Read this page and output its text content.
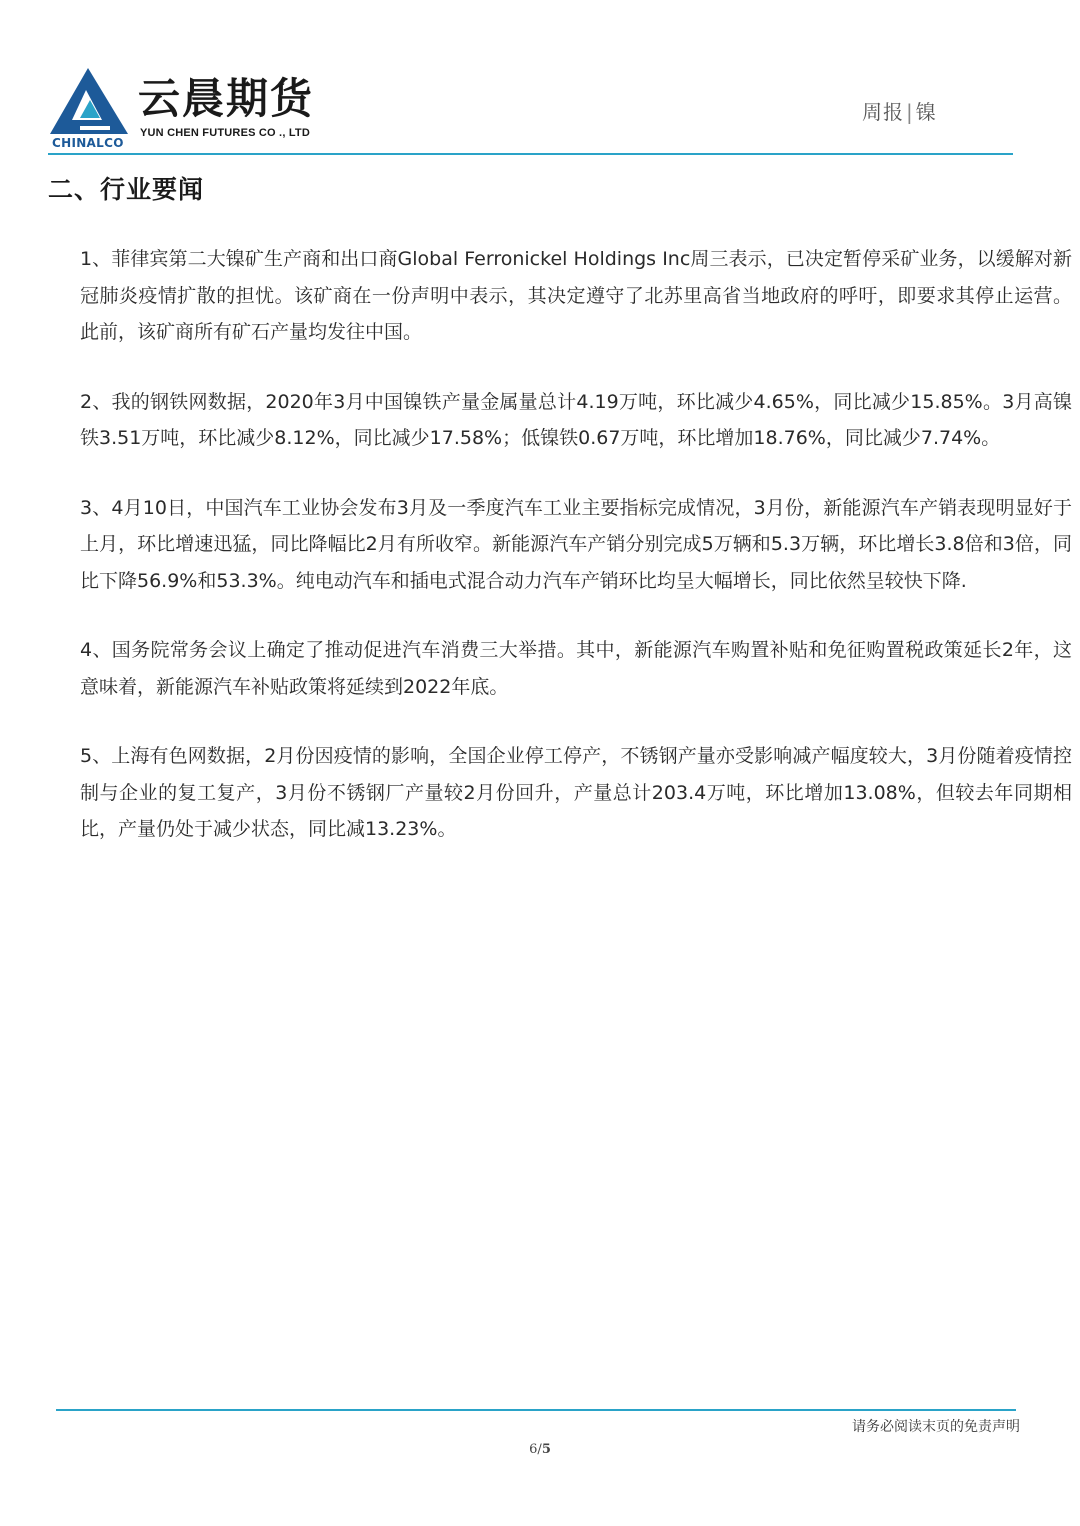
CHINALCO
云晨期货
YUN CHEN FUTURES CO ., LTD
周报 | 镍
二、行业要闻

1、菲律宾第二大镍矿生产商和出口商Global Ferronickel Holdings Inc周三表示，已决定暂停采矿业务，以缓解对新冠肺炎疫情扩散的担忧。该矿商在一份声明中表示，其决定遵守了北苏里高省当地政府的呼吁，即要求其停止运营。 此前，该矿商所有矿石产量均发往中国。

2、我的钢铁网数据，2020年3月中国镍铁产量金属量总计4.19万吨，环比减少4.65%，同比减少15.85%。3月高镍铁3.51万吨，环比减少8.12%，同比减少17.58%；低镍铁0.67万吨，环比增加18.76%，同比减少7.74%。

3、4月10日，中国汽车工业协会发布3月及一季度汽车工业主要指标完成情况，3月份，新能源汽车产销表现明显好于上月，环比增速迅猛，同比降幅比2月有所收窄。新能源汽车产销分别完成5万辆和5.3万辆，环比增长3.8倍和3倍，同比下降56.9%和53.3%。纯电动汽车和插电式混合动力汽车产销环比均呈大幅增长，同比依然呈较快下降.

4、国务院常务会议上确定了推动促进汽车消费三大举措。其中，新能源汽车购置补贴和免征购置税政策延长2年，这意味着，新能源汽车补贴政策将延续到2022年底。

5、上海有色网数据，2月份因疫情的影响，全国企业停工停产，不锈钢产量亦受影响减产幅度较大，3月份随着疫情控制与企业的复工复产，3月份不锈钢厂产量较2月份回升，产量总计203.4万吨，环比增加13.08%，但较去年同期相比，产量仍处于减少状态，同比减13.23%。

请务必阅读末页的免责声明
6/5
